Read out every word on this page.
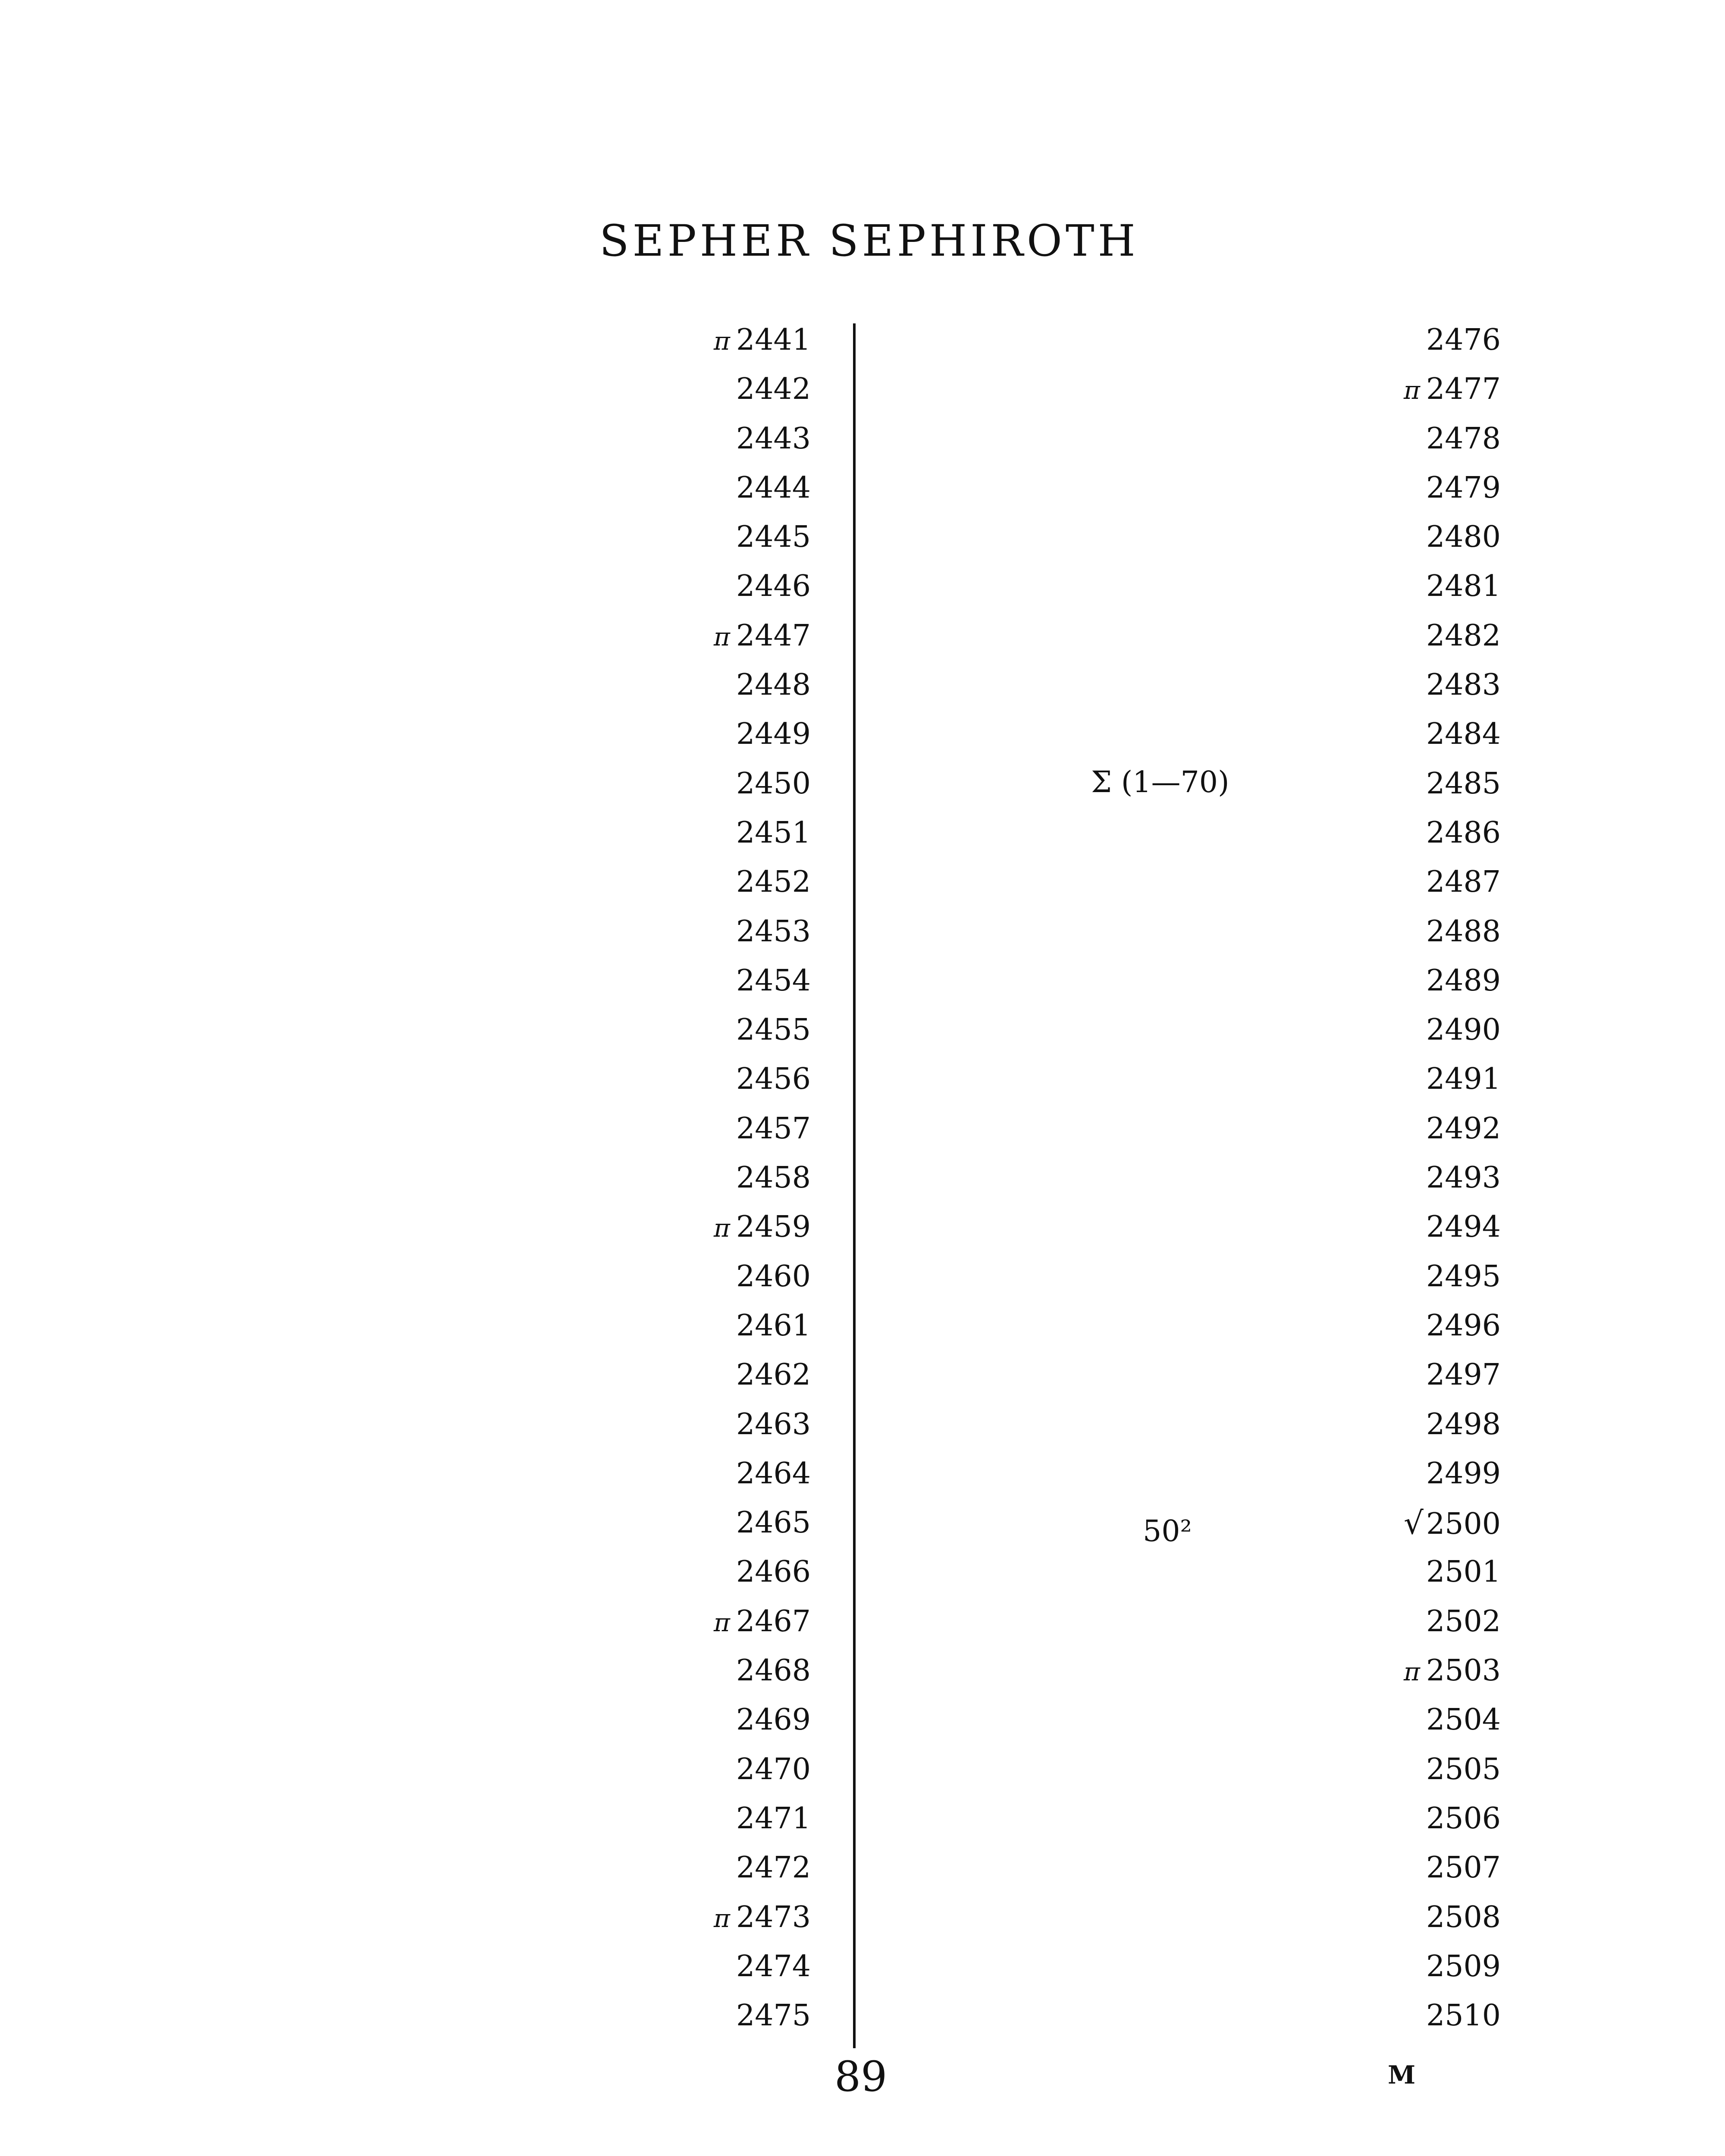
SEPHER SEPHIROTH
π 2441
2442
2443
2444
2445
2446
π 2447
2448
2449
2450
2451
2452
2453
2454
2455
2456
2457
2458
π 2459
2460
2461
2462
2463
2464
2465
2466
π 2467
2468
2469
2470
2471
2472
π 2473
2474
2475
2476
π 2477
2478
2479
2480
2481
2482
2483
2484
2485
2486
2487
2488
2489
2490
2491
2492
2493
2494
2495
2496
2497
2498
2499
√2500
2501
2502
π 2503
2504
2505
2506
2507
2508
2509
2510
Σ (1—70)
50²
89	M
